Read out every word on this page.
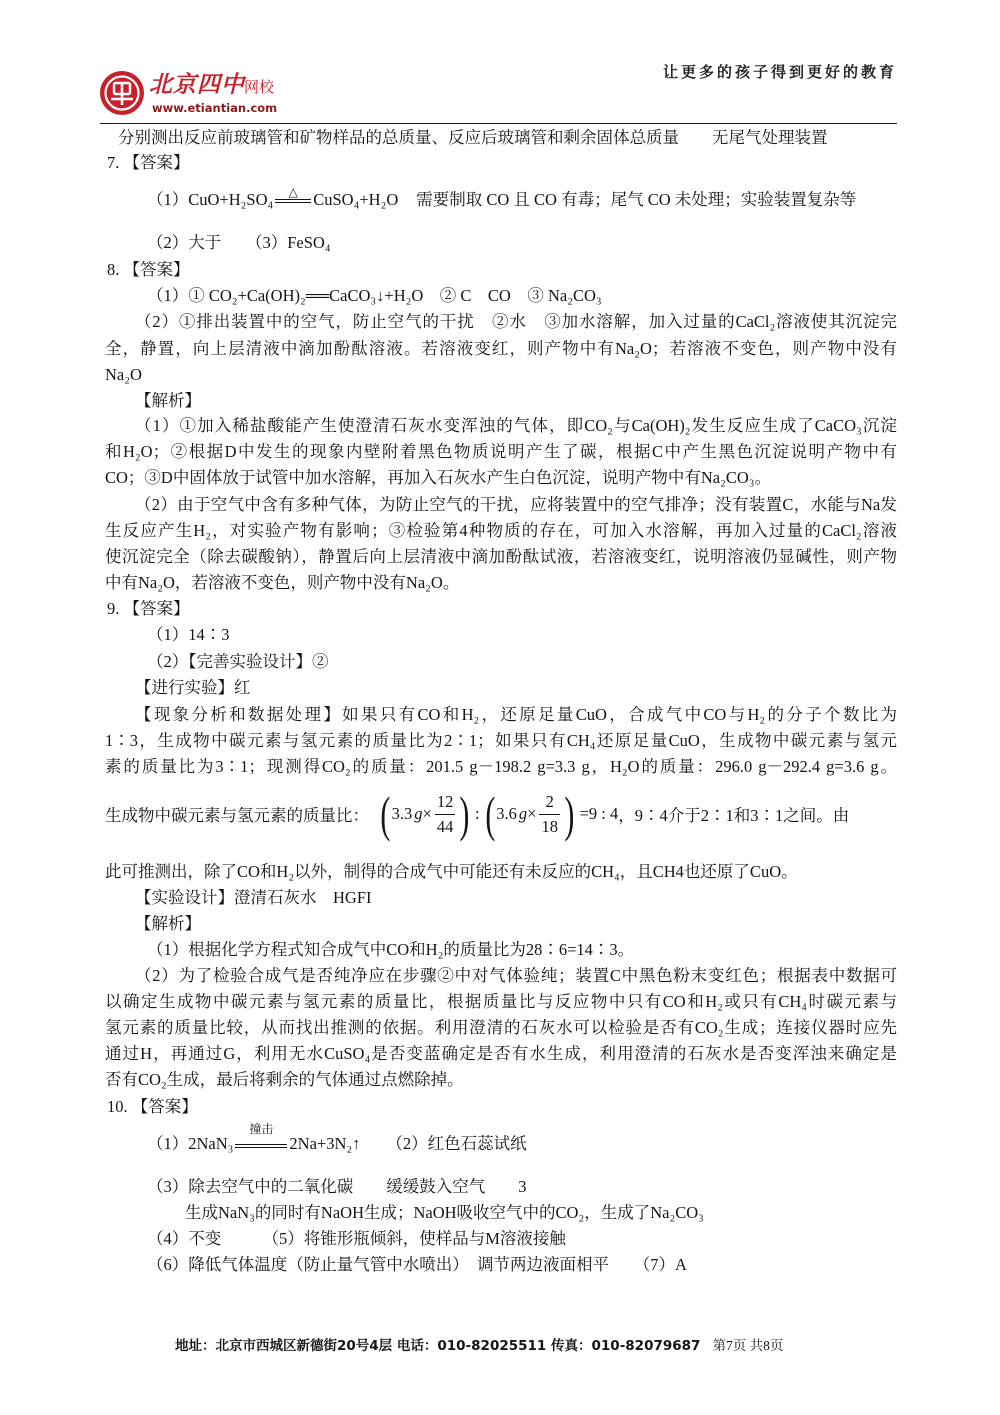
北京四中 网校
www.etiantian.com
让更多的孩子得到更好的教育
分别测出反应前玻璃管和矿物样品的总质量、反应后玻璃管和剩余固体总质量　　无尾气处理装置
7. 【答案】
（1）CuO+H₂SO₄	△ CuSO₄+H₂O 需要制取 CO 且 CO 有毒；尾气 CO 未处理；实验装置复杂等
（2）大于　　（3）FeSO₄
8. 【答案】
（1）① CO₂+Ca(OH)₂══CaCO₃↓+H₂O　② C　CO　③ Na₂CO₃
（2）①排出装置中的空气，防止空气的干扰　②水　③加水溶解，加入过量的CaCl₂溶液使其沉淀完
全，静置，向上层清液中滴加酚酞溶液。若溶液变红，则产物中有Na₂O；若溶液不变色，则产物中没有
Na₂O
【解析】
（1）①加入稀盐酸能产生使澄清石灰水变浑浊的气体，即CO₂与Ca(OH)₂发生反应生成了CaCO₃沉淀
和H₂O；②根据D中发生的现象内壁附着黑色物质说明产生了碳，根据C中产生黑色沉淀说明产物中有
CO；③D中固体放于试管中加水溶解，再加入石灰水产生白色沉淀，说明产物中有Na₂CO₃。
（2）由于空气中含有多种气体，为防止空气的干扰，应将装置中的空气排净；没有装置C，水能与Na发
生反应产生H₂，对实验产物有影响；③检验第4种物质的存在，可加入水溶解，再加入过量的CaCl₂溶液
使沉淀完全（除去碳酸钠），静置后向上层清液中滴加酚酞试液，若溶液变红，说明溶液仍显碱性，则产物
中有Na₂O，若溶液不变色，则产物中没有Na₂O。
9. 【答案】
（1）14∶3
（2）【完善实验设计】②
【进行实验】红
【现象分析和数据处理】如果只有CO和H₂，还原足量CuO，合成气中CO与H₂的分子个数比为
1∶3，生成物中碳元素与氢元素的质量比为2∶1；如果只有CH₄还原足量CuO，生成物中碳元素与氢元
素的质量比为3∶1；现测得CO₂的质量：201.5 g－198.2 g=3.3 g，H₂O的质量：296.0 g－292.4 g=3.6 g。
生成物中碳元素与氢元素的质量比： ( 3.3 $g \times \frac{12}{44}$ ) : ( 3.6 $g \times \frac{2}{18}$ ) =9 : 4 ，9∶4介于2∶1和3∶1之间。由
此可推测出，除了CO和H₂以外，制得的合成气中可能还有未反应的CH₄，且CH4也还原了CuO。
【实验设计】澄清石灰水　HGFI
【解析】
（1）根据化学方程式知合成气中CO和H₂的质量比为28∶6=14∶3。
（2）为了检验合成气是否纯净应在步骤②中对气体验纯；装置C中黑色粉末变红色；根据表中数据可
以确定生成物中碳元素与氢元素的质量比，根据质量比与反应物中只有CO和H₂或只有CH₄时碳元素与
氢元素的质量比较，从而找出推测的依据。利用澄清的石灰水可以检验是否有CO₂生成；连接仪器时应先
通过H，再通过G，利用无水CuSO₄是否变蓝确定是否有水生成，利用澄清的石灰水是否变浑浊来确定是
否有CO₂生成，最后将剩余的气体通过点燃除掉。
10. 【答案】
（1）2NaN₃
撞击
2Na+3N₂↑ （2）红色石蕊试纸
（3）除去空气中的二氧化碳　　缓缓鼓入空气　　3
生成NaN₃的同时有NaOH生成；NaOH吸收空气中的CO₂，生成了Na₂CO₃
（4）不变　　　（5）将锥形瓶倾斜，使样品与M溶液接触
（6）降低气体温度（防止量气管中水喷出）　调节两边液面相平　　（7）A
地址：北京市西城区新德街20号4层 电话：010-82025511 传真：010-82079687 第7页 共8页
